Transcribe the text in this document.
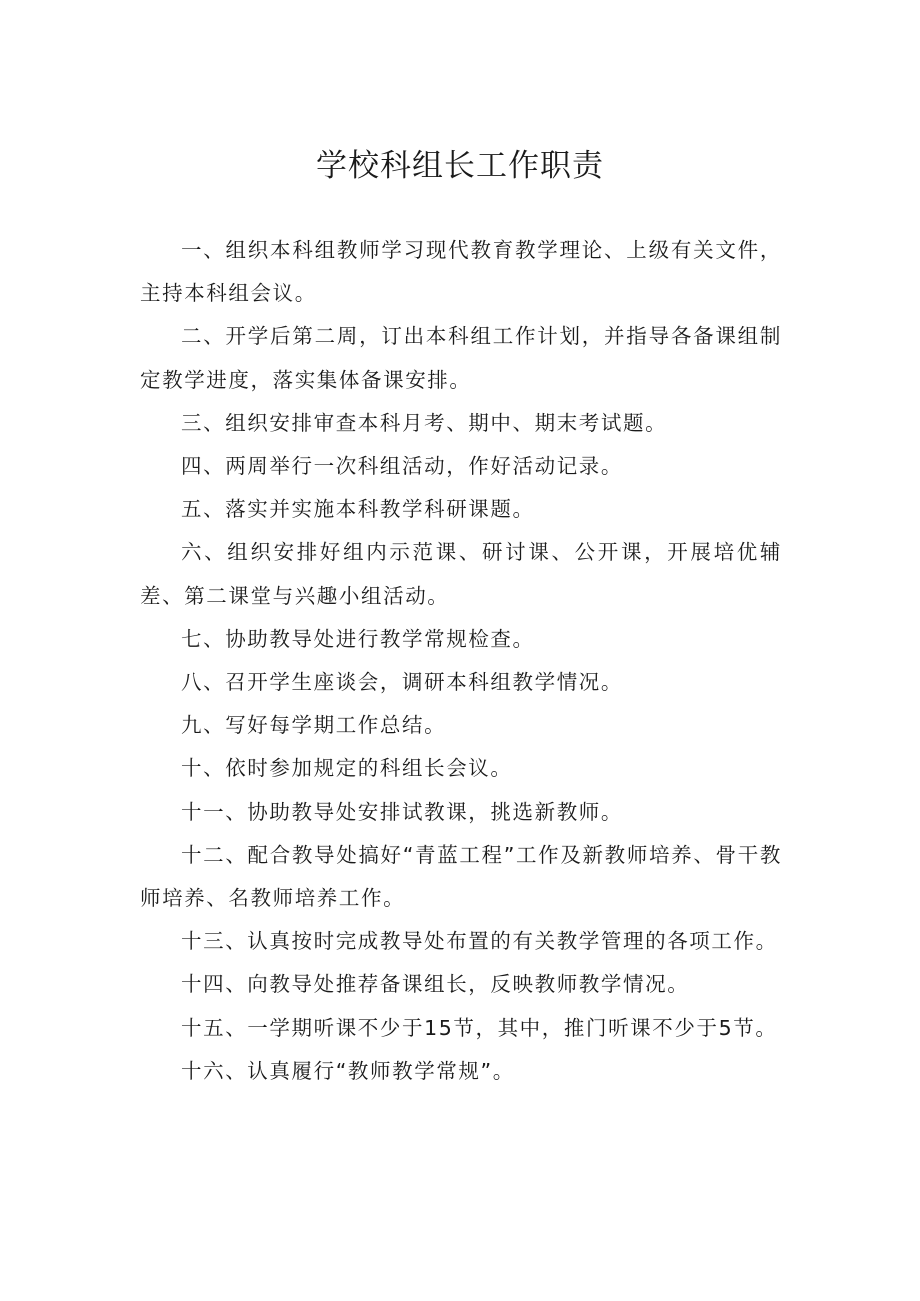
学校科组长工作职责

一、组织本科组教师学习现代教育教学理论、上级有关文件，主持本科组会议。

二、开学后第二周，订出本科组工作计划，并指导各备课组制定教学进度，落实集体备课安排。

三、组织安排审查本科月考、期中、期末考试题。

四、两周举行一次科组活动，作好活动记录。

五、落实并实施本科教学科研课题。

六、组织安排好组内示范课、研讨课、公开课，开展培优辅差、第二课堂与兴趣小组活动。

七、协助教导处进行教学常规检查。

八、召开学生座谈会，调研本科组教学情况。

九、写好每学期工作总结。

十、依时参加规定的科组长会议。

十一、协助教导处安排试教课，挑选新教师。

十二、配合教导处搞好“青蓝工程”工作及新教师培养、骨干教师培养、名教师培养工作。

十三、认真按时完成教导处布置的有关教学管理的各项工作。

十四、向教导处推荐备课组长，反映教师教学情况。

十五、一学期听课不少于15节，其中，推门听课不少于5节。

十六、认真履行“教师教学常规”。
